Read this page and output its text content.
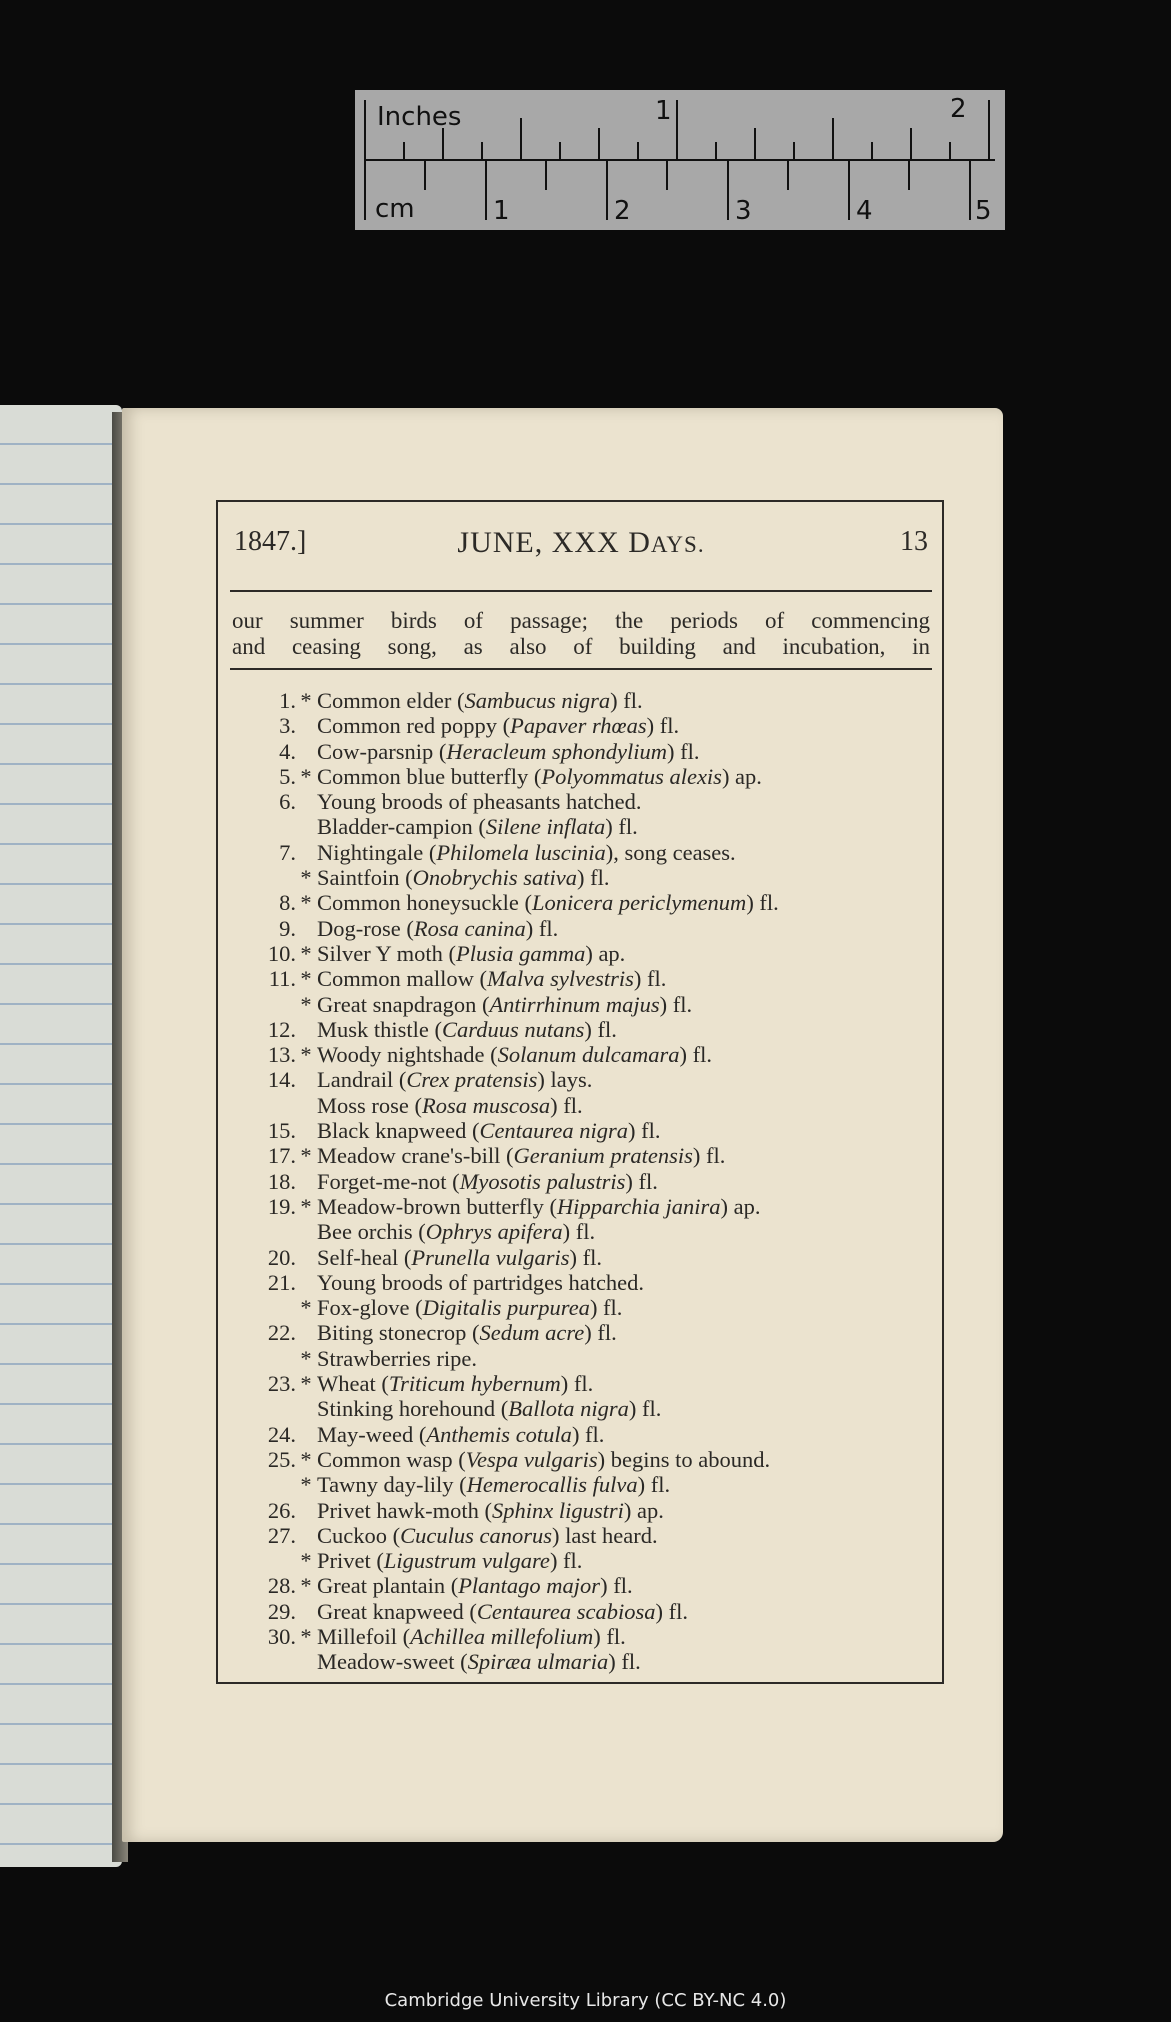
Inches	1	2
cm	1	2	3	4	5
1847.]	JUNE, XXX DAYS.	13
our summer birds of passage; the periods of commencing
and ceasing song, as also of building and incubation, in
1. * Common elder (Sambucus nigra) fl.
3. Common red poppy (Papaver rhœas) fl.
4. Cow-parsnip (Heracleum sphondylium) fl.
5. * Common blue butterfly (Polyommatus alexis) ap.
6. Young broods of pheasants hatched.
Bladder-campion (Silene inflata) fl.
7. Nightingale (Philomela luscinia), song ceases.
* Saintfoin (Onobrychis sativa) fl.
8. * Common honeysuckle (Lonicera periclymenum) fl.
9. Dog-rose (Rosa canina) fl.
10. * Silver Y moth (Plusia gamma) ap.
11. * Common mallow (Malva sylvestris) fl.
* Great snapdragon (Antirrhinum majus) fl.
12. Musk thistle (Carduus nutans) fl.
13. * Woody nightshade (Solanum dulcamara) fl.
14. Landrail (Crex pratensis) lays.
Moss rose (Rosa muscosa) fl.
15. Black knapweed (Centaurea nigra) fl.
17. * Meadow crane's-bill (Geranium pratensis) fl.
18. Forget-me-not (Myosotis palustris) fl.
19. * Meadow-brown butterfly (Hipparchia janira) ap.
Bee orchis (Ophrys apifera) fl.
20. Self-heal (Prunella vulgaris) fl.
21. Young broods of partridges hatched.
* Fox-glove (Digitalis purpurea) fl.
22. Biting stonecrop (Sedum acre) fl.
* Strawberries ripe.
23. * Wheat (Triticum hybernum) fl.
Stinking horehound (Ballota nigra) fl.
24. May-weed (Anthemis cotula) fl.
25. * Common wasp (Vespa vulgaris) begins to abound.
* Tawny day-lily (Hemerocallis fulva) fl.
26. Privet hawk-moth (Sphinx ligustri) ap.
27. Cuckoo (Cuculus canorus) last heard.
* Privet (Ligustrum vulgare) fl.
28. * Great plantain (Plantago major) fl.
29. Great knapweed (Centaurea scabiosa) fl.
30. * Millefoil (Achillea millefolium) fl.
Meadow-sweet (Spiræa ulmaria) fl.
Cambridge University Library (CC BY-NC 4.0)
